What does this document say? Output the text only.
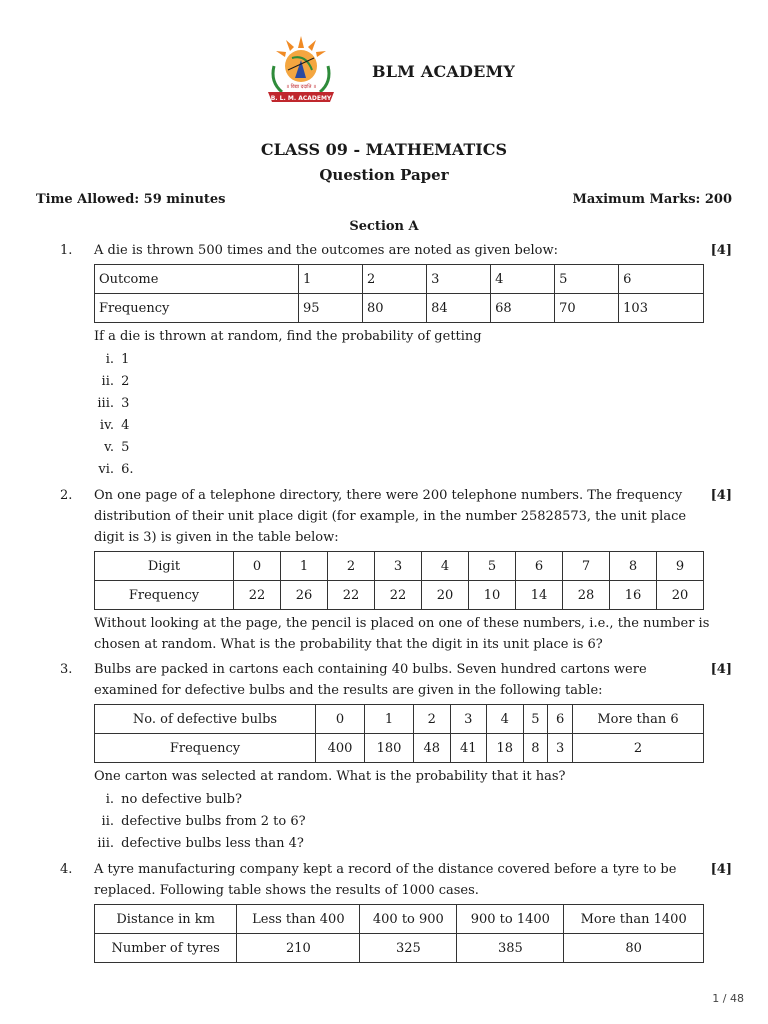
॥ विद्या ददाति ॥
B. L. M. ACADEMY
BLM ACADEMY
CLASS 09 - MATHEMATICS
Question Paper
Time Allowed: 59 minutes	Maximum Marks: 200
Section A
1.	[4]
A die is thrown 500 times and the outcomes are noted as given below:
Outcome	1	2	3	4	5	6
Frequency	95	80	84	68	70	103
If a die is thrown at random, find the probability of getting
i. 1
ii. 2
iii. 3
iv. 4
v. 5
vi. 6.
2.	[4]
On one page of a telephone directory, there were 200 telephone numbers. The frequency distribution of their unit place digit (for example, in the number 25828573, the unit place digit is 3) is given in the table below:
Digit	0	1	2	3	4	5	6	7	8	9
Frequency	22	26	22	22	20	10	14	28	16	20
Without looking at the page, the pencil is placed on one of these numbers, i.e., the number is chosen at random. What is the probability that the digit in its unit place is 6?
3.	[4]
Bulbs are packed in cartons each containing 40 bulbs. Seven hundred cartons were examined for defective bulbs and the results are given in the following table:
No. of defective bulbs	0	1	2	3	4	5	6	More than 6
Frequency	400	180	48	41	18	8	3	2
One carton was selected at random. What is the probability that it has?
i. no defective bulb?
ii. defective bulbs from 2 to 6?
iii. defective bulbs less than 4?
4.	[4]
A tyre manufacturing company kept a record of the distance covered before a tyre to be replaced. Following table shows the results of 1000 cases.
Distance in km	Less than 400	400 to 900	900 to 1400	More than 1400
Number of tyres	210	325	385	80
1 / 48
